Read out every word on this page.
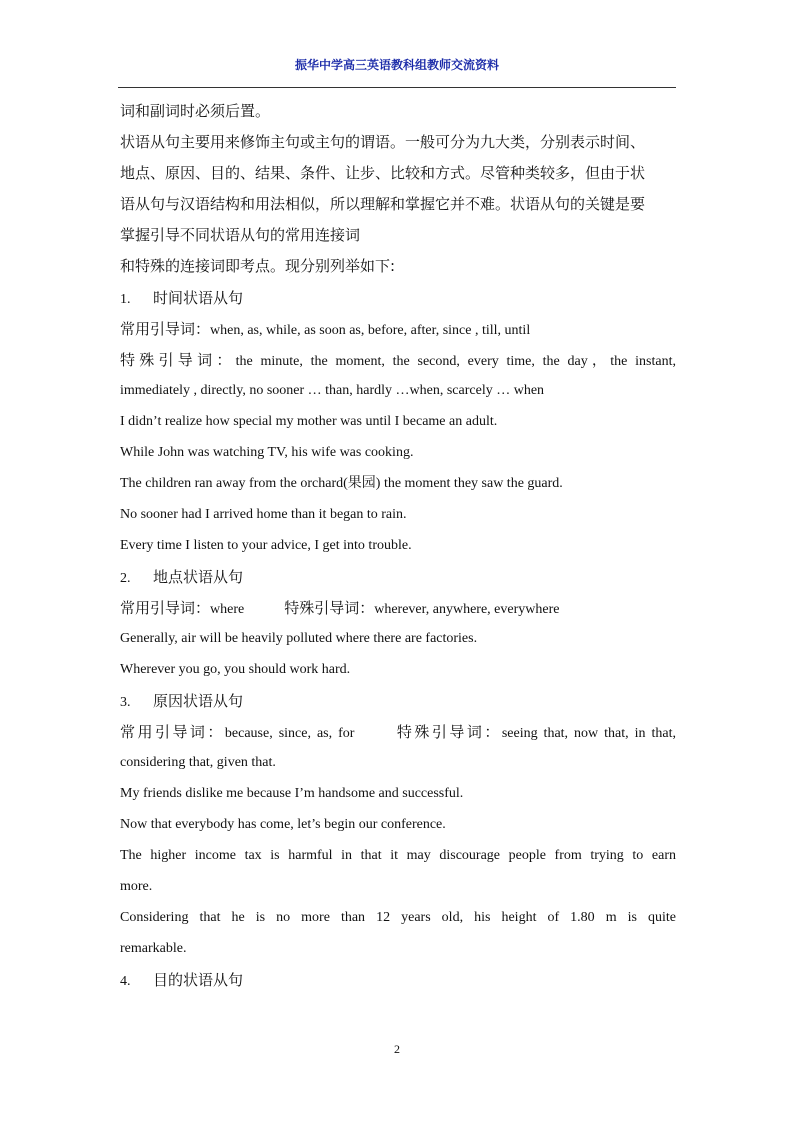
振华中学高三英语教科组教师交流资料
词和副词时必须后置。
状语从句主要用来修饰主句或主句的谓语。一般可分为九大类，分别表示时间、
地点、原因、目的、结果、条件、让步、比较和方式。尽管种类较多，但由于状
语从句与汉语结构和用法相似，所以理解和掌握它并不难。状语从句的关键是要
掌握引导不同状语从句的常用连接词
和特殊的连接词即考点。现分别列举如下:
1. 时间状语从句
常用引导词：when, as, while, as soon as, before, after, since , till, until
特殊引导词：the minute, the moment, the second, every time, the day，the instant,
immediately , directly, no sooner … than, hardly …when, scarcely … when
I didn’t realize how special my mother was until I became an adult.
While John was watching TV, his wife was cooking.
The children ran away from the orchard(果园) the moment they saw the guard.
No sooner had I arrived home than it began to rain.
Every time I listen to your advice, I get into trouble.
2. 地点状语从句
常用引导词：where	特殊引导词：wherever, anywhere, everywhere
Generally, air will be heavily polluted where there are factories.
Wherever you go, you should work hard.
3. 原因状语从句
常用引导词：because, since, as, for	特殊引导词：seeing that, now that, in that,
considering that, given that.
My friends dislike me because I’m handsome and successful.
Now that everybody has come, let’s begin our conference.
The higher income tax is harmful in that it may discourage people from trying to earn
more.
Considering that he is no more than 12 years old, his height of 1.80 m is quite
remarkable.
4. 目的状语从句
2
